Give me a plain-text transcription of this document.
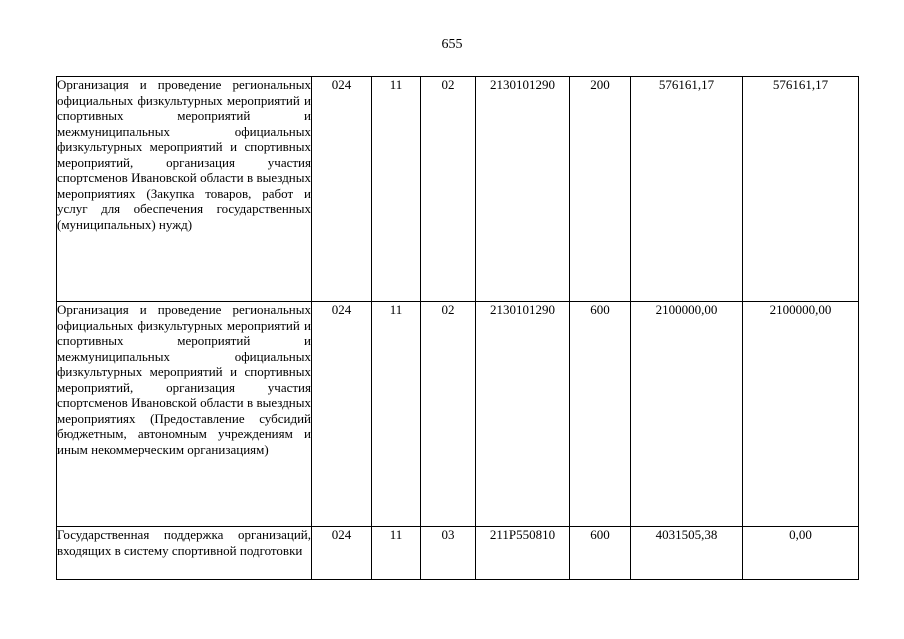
655
Организация и проведение региональных официальных физкультурных мероприятий и спортивных мероприятий и межмуниципальных официальных физкультурных мероприятий и спортивных мероприятий, организация участия спортсменов Ивановской области в выездных мероприятиях (Закупка товаров, работ и услуг для обеспечения государственных (муниципальных) нужд)	024	11	02	2130101290	200	576161,17	576161,17

Организация и проведение региональных официальных физкультурных мероприятий и спортивных мероприятий и межмуниципальных официальных физкультурных мероприятий и спортивных мероприятий, организация участия спортсменов Ивановской области в выездных мероприятиях (Предоставление субсидий бюджетным, автономным учреждениям и иным некоммерческим организациям)	024	11	02	2130101290	600	2100000,00	2100000,00

Государственная поддержка организаций, входящих в систему спортивной подготовки	024	11	03	211Р550810	600	4031505,38	0,00
